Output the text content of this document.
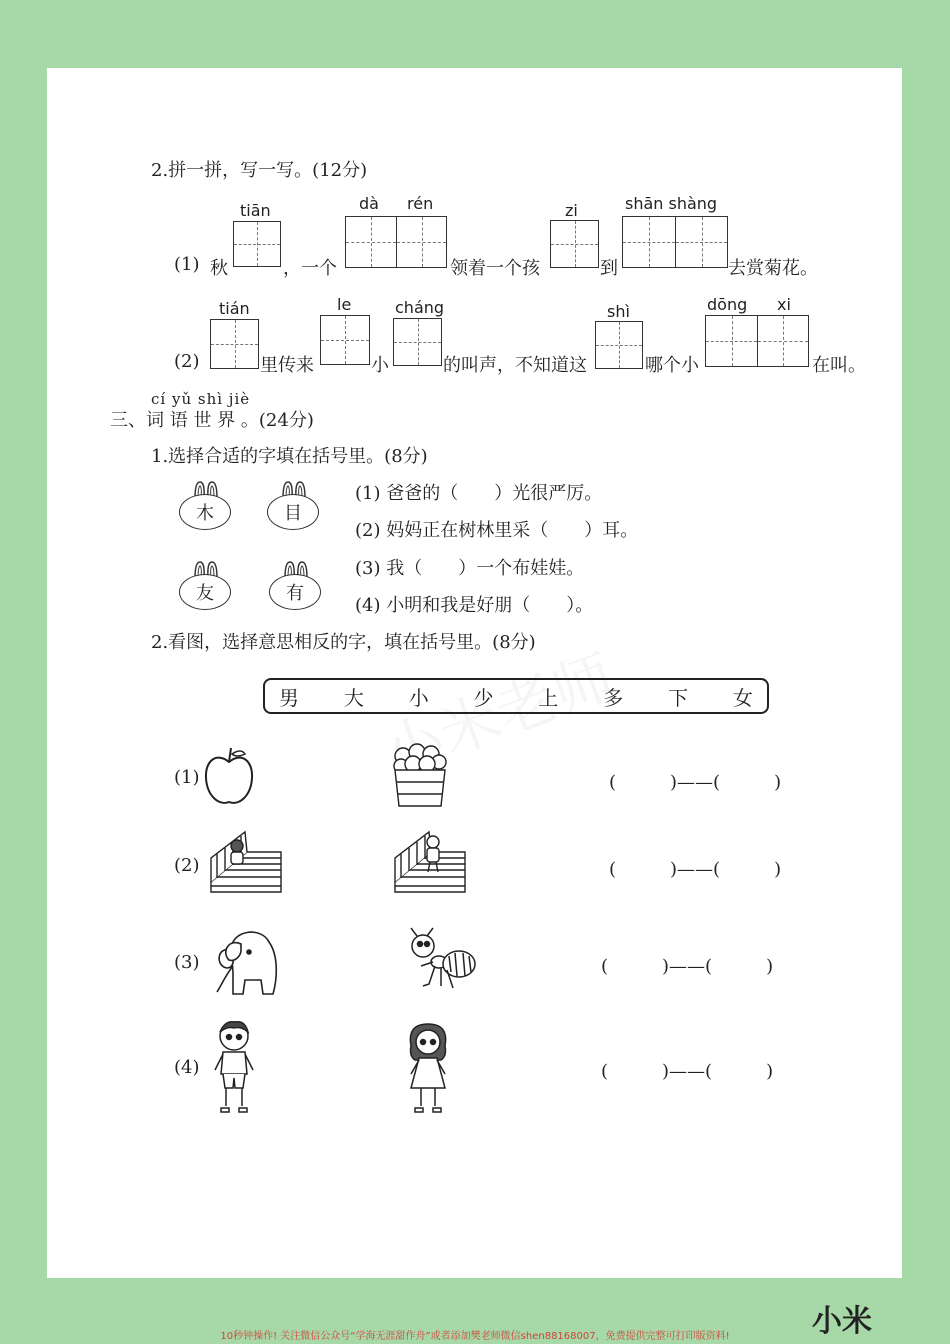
2.拼一拼，写一写。(12分)
tiān	dà rén	zi	shān shàng
(1) 秋	，一个	领着一个孩	到	去赏菊花。
tián	le	cháng	shì	dōng xi
(2)	里传来	小	的叫声，不知道这	哪个小	在叫。
cí yǔ shì jiè
三、词 语 世 界 。(24分)
1.选择合适的字填在括号里。(8分)
木	目
友	有
(1) 爸爸的（　　）光很严厉。
(2) 妈妈正在树林里采（　　）耳。
(3) 我（　　）一个布娃娃。
(4) 小明和我是好朋（　　）。
2.看图，选择意思相反的字，填在括号里。(8分)
男 大 小 少 上 多 下 女
(1)	(　　　)——(　　　)
(2)	(　　　)——(　　　)
(3)	(　　　)——(　　　)
(4)	(　　　)——(　　　)
小米
10秒钟操作! 关注微信公众号“学海无涯甜作舟”或者添加樊老师微信shen88168007，免费提供完整可打印版资料!
